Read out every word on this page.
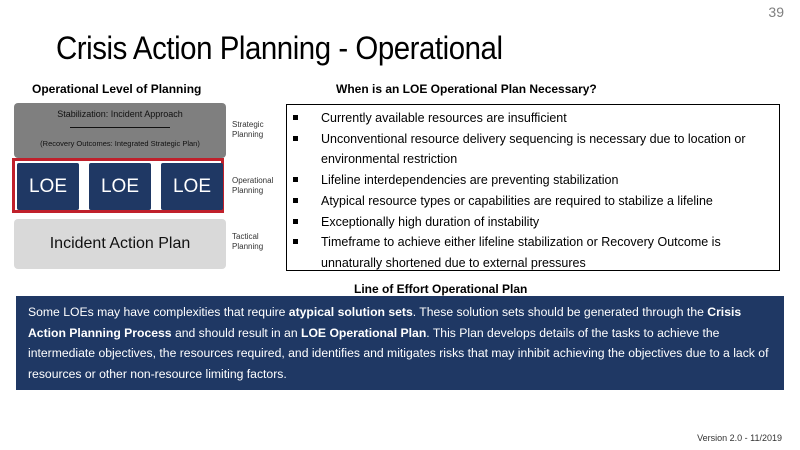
39
Crisis Action Planning - Operational
Operational Level of Planning	When is an LOE Operational Plan Necessary?
Stabilization: Incident Approach
(Recovery Outcomes: Integrated Strategic Plan)
LOE	LOE	LOE
Incident Action Plan
Strategic
Planning
Operational
Planning
Tactical
Planning
Currently available resources are insufficient
Unconventional resource delivery sequencing is necessary due to location or environmental restriction
Lifeline interdependencies are preventing stabilization
Atypical resource types or capabilities are required to stabilize a lifeline
Exceptionally high duration of instability
Timeframe to achieve either lifeline stabilization or Recovery Outcome is unnaturally shortened due to external pressures
Line of Effort Operational Plan
Some LOEs may have complexities that require atypical solution sets. These solution sets should be generated through the Crisis Action Planning Process and should result in an LOE Operational Plan. This Plan develops details of the tasks to achieve the intermediate objectives, the resources required, and identifies and mitigates risks that may inhibit achieving the objectives due to a lack of resources or other non-resource limiting factors.
Version 2.0 - 11/2019
